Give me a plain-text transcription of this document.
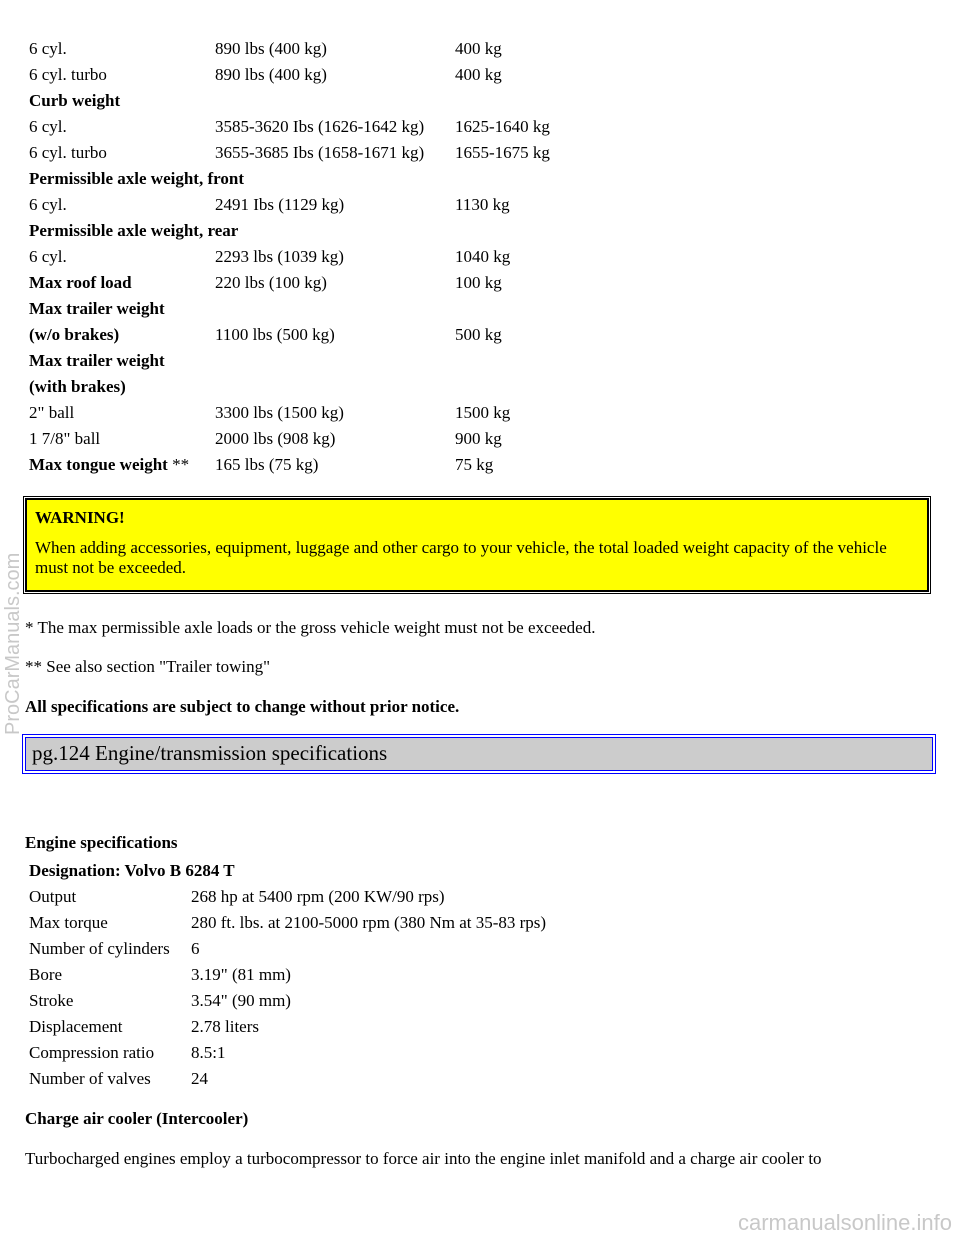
6 cyl.	890 lbs (400 kg)	400 kg
6 cyl. turbo	890 lbs (400 kg)	400 kg
Curb weight		
6 cyl.	3585-3620 Ibs (1626-1642 kg)	1625-1640 kg
6 cyl. turbo	3655-3685 Ibs (1658-1671 kg)	1655-1675 kg
Permissible axle weight, front		
6 cyl.	2491 Ibs (1129 kg)	1130 kg
Permissible axle weight, rear		
6 cyl.	2293 lbs (1039 kg)	1040 kg
Max roof load	220 lbs (100 kg)	100 kg
Max trailer weight		
(w/o brakes)	1100 lbs (500 kg)	500 kg
Max trailer weight		
(with brakes)		
2" ball	3300 lbs (1500 kg)	1500 kg
1 7/8" ball	2000 lbs (908 kg)	900 kg
Max tongue weight **	165 lbs (75 kg)	75 kg
WARNING!
When adding accessories, equipment, luggage and other cargo to your vehicle, the total loaded weight capacity of the vehicle must not be exceeded.
* The max permissible axle loads or the gross vehicle weight must not be exceeded.
** See also section "Trailer towing"
All specifications are subject to change without prior notice.
pg.124 Engine/transmission specifications
Engine specifications
Designation: Volvo B 6284 T	
Output	268 hp at 5400 rpm (200 KW/90 rps)
Max torque	280 ft. lbs. at 2100-5000 rpm (380 Nm at 35-83 rps)
Number of cylinders	6
Bore	3.19" (81 mm)
Stroke	3.54" (90 mm)
Displacement	2.78 liters
Compression ratio	8.5:1
Number of valves	24
Charge air cooler (Intercooler)
Turbocharged engines employ a turbocompressor to force air into the engine inlet manifold and a charge air cooler to
ProCarManuals.com
carmanualsonline.info
